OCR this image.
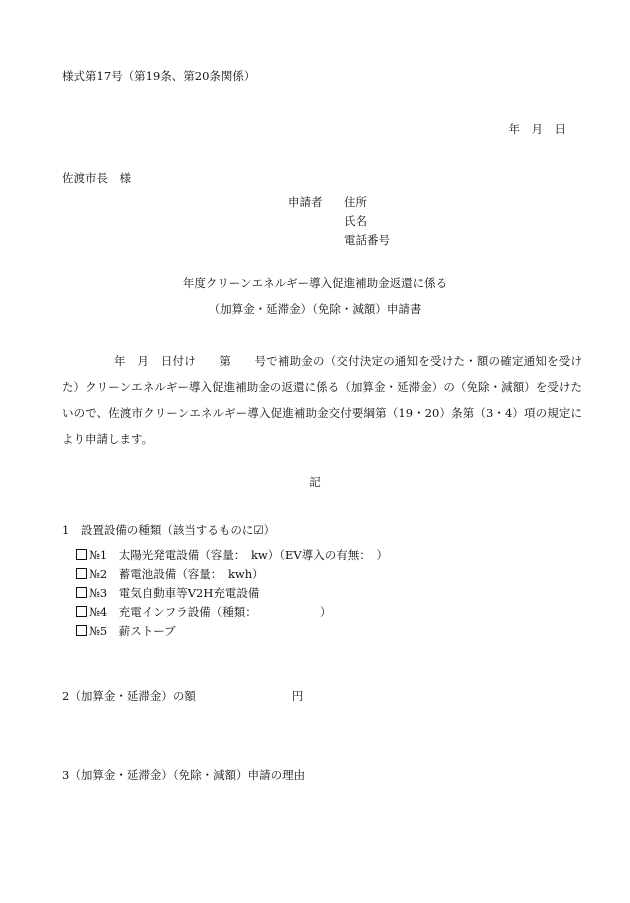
様式第17号（第19条、第20条関係）
年　月　日
佐渡市長　様
申請者	住所
氏名
電話番号
年度クリーンエネルギー導入促進補助金返還に係る
（加算金・延滞金）（免除・減額）申請書
年　月　日付け　　第　　号で補助金の（交付決定の通知を受けた・額の確定通知を受けた）クリーンエネルギー導入促進補助金の返還に係る（加算金・延滞金）の（免除・減額）を受けたいので、佐渡市クリーンエネルギー導入促進補助金交付要綱第（19・20）条第（3・4）項の規定により申請します。
記
1　設置設備の種類（該当するものに☑）
№1　太陽光発電設備（容量：　kw）（EV導入の有無：　）
№2　蓄電池設備（容量：　kwh）
№3　電気自動車等V2H充電設備
№4　充電インフラ設備（種類：　　　　　　）
№5　薪ストーブ
2（加算金・延滞金）の額	円
3（加算金・延滞金）（免除・減額）申請の理由
